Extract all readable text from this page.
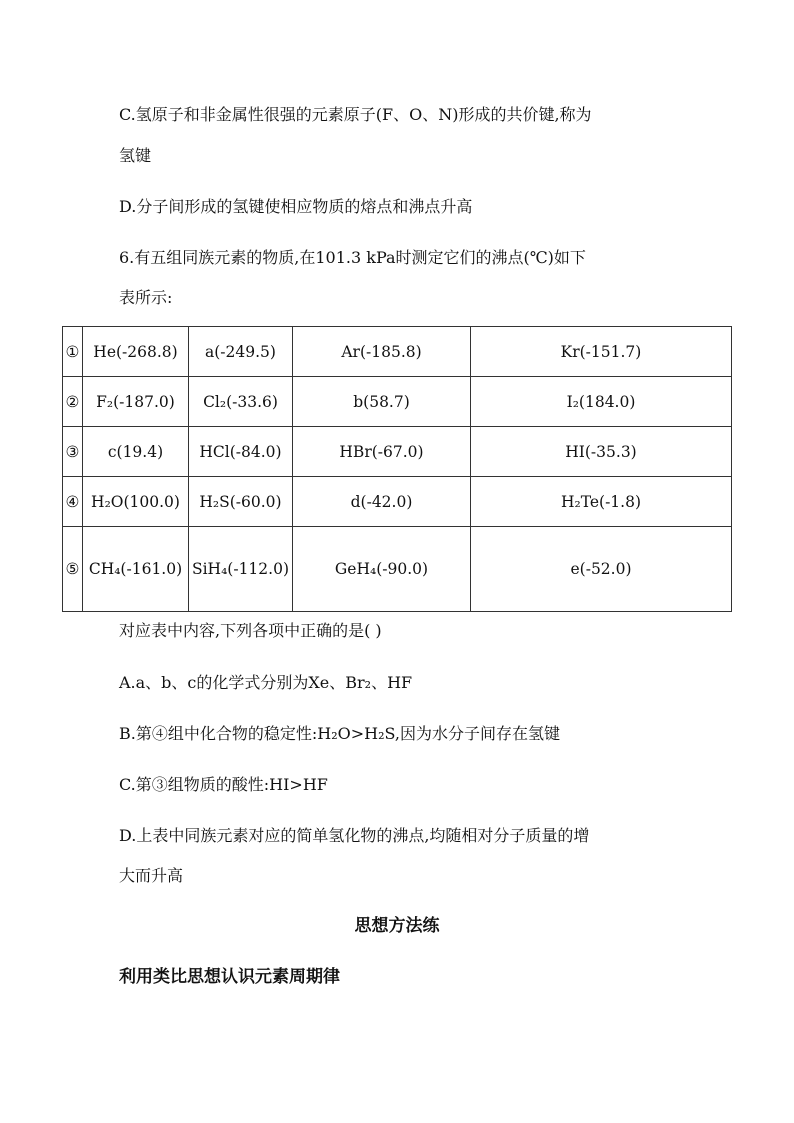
C.氢原子和非金属性很强的元素原子(F、O、N)形成的共价键,称为
氢键
D.分子间形成的氢键使相应物质的熔点和沸点升高
6.有五组同族元素的物质,在101.3 kPa时测定它们的沸点(℃)如下
表所示:
①	He(-268.8)	a(-249.5)	Ar(-185.8)	Kr(-151.7)
②	F₂(-187.0)	Cl₂(-33.6)	b(58.7)	I₂(184.0)
③	c(19.4)	HCl(-84.0)	HBr(-67.0)	HI(-35.3)
④	H₂O(100.0)	H₂S(-60.0)	d(-42.0)	H₂Te(-1.8)
⑤	CH₄(-161.0)	SiH₄(-112.0)	GeH₄(-90.0)	e(-52.0)
对应表中内容,下列各项中正确的是( )
A.a、b、c的化学式分别为Xe、Br₂、HF
B.第④组中化合物的稳定性:H₂O>H₂S,因为水分子间存在氢键
C.第③组物质的酸性:HI>HF
D.上表中同族元素对应的简单氢化物的沸点,均随相对分子质量的增
大而升高
思想方法练
利用类比思想认识元素周期律
